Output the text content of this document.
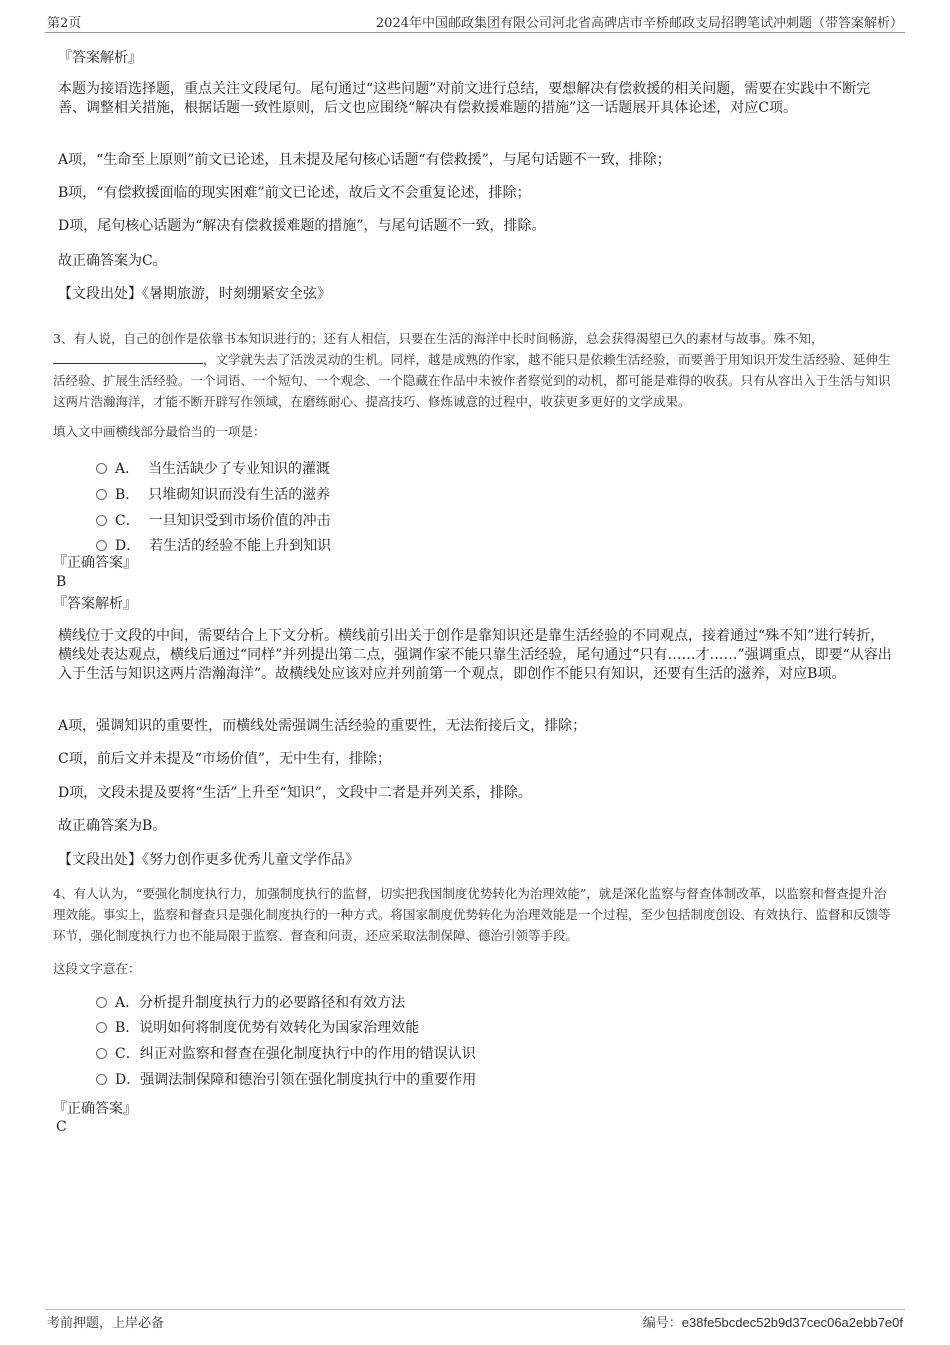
第2页	2024年中国邮政集团有限公司河北省高碑店市辛桥邮政支局招聘笔试冲刺题（带答案解析）
『答案解析』
本题为接语选择题，重点关注文段尾句。尾句通过“这些问题”对前文进行总结，要想解决有偿救援的相关问题，需要在实践中不断完善、调整相关措施，根据话题一致性原则，后文也应围绕“解决有偿救援难题的措施”这一话题展开具体论述，对应C项。
A项，“生命至上原则”前文已论述，且未提及尾句核心话题“有偿救援”，与尾句话题不一致，排除；
B项，“有偿救援面临的现实困难”前文已论述，故后文不会重复论述，排除；
D项，尾句核心话题为“解决有偿救援难题的措施”，与尾句话题不一致，排除。
故正确答案为C。
【文段出处】《暑期旅游，时刻绷紧安全弦》
3、有人说，自己的创作是依靠书本知识进行的；还有人相信，只要在生活的海洋中长时间畅游，总会获得渴望已久的素材与故事。殊不知，，文学就失去了活泼灵动的生机。同样，越是成熟的作家，越不能只是依赖生活经验，而要善于用知识开发生活经验、延伸生活经验、扩展生活经验。一个词语、一个短句、一个观念、一个隐藏在作品中未被作者察觉到的动机，都可能是难得的收获。只有从容出入于生活与知识这两片浩瀚海洋，才能不断开辟写作领域，在磨练耐心、提高技巧、修炼诚意的过程中，收获更多更好的文学成果。
填入文中画横线部分最恰当的一项是：
A． 当生活缺少了专业知识的灌溉
B． 只堆砌知识而没有生活的滋养
C． 一旦知识受到市场价值的冲击
D． 若生活的经验不能上升到知识
『正确答案』
B
『答案解析』
横线位于文段的中间，需要结合上下文分析。横线前引出关于创作是靠知识还是靠生活经验的不同观点，接着通过“殊不知”进行转折，横线处表达观点，横线后通过“同样”并列提出第二点，强调作家不能只靠生活经验，尾句通过“只有……才……”强调重点，即要“从容出入于生活与知识这两片浩瀚海洋”。故横线处应该对应并列前第一个观点，即创作不能只有知识，还要有生活的滋养，对应B项。
A项，强调知识的重要性，而横线处需强调生活经验的重要性，无法衔接后文，排除；
C项，前后文并未提及“市场价值”，无中生有，排除；
D项，文段未提及要将“生活”上升至“知识”，文段中二者是并列关系，排除。
故正确答案为B。
【文段出处】《努力创作更多优秀儿童文学作品》
4、有人认为，“要强化制度执行力，加强制度执行的监督，切实把我国制度优势转化为治理效能”，就是深化监察与督查体制改革，以监察和督查提升治理效能。事实上，监察和督查只是强化制度执行的一种方式。将国家制度优势转化为治理效能是一个过程，至少包括制度创设、有效执行、监督和反馈等环节，强化制度执行力也不能局限于监察、督查和问责，还应采取法制保障、德治引领等手段。
这段文字意在：
A．分析提升制度执行力的必要路径和有效方法
B．说明如何将制度优势有效转化为国家治理效能
C．纠正对监察和督查在强化制度执行中的作用的错误认识
D．强调法制保障和德治引领在强化制度执行中的重要作用
『正确答案』
C
考前押题，上岸必备	编号：e38fe5bcdec52b9d37cec06a2ebb7e0f
